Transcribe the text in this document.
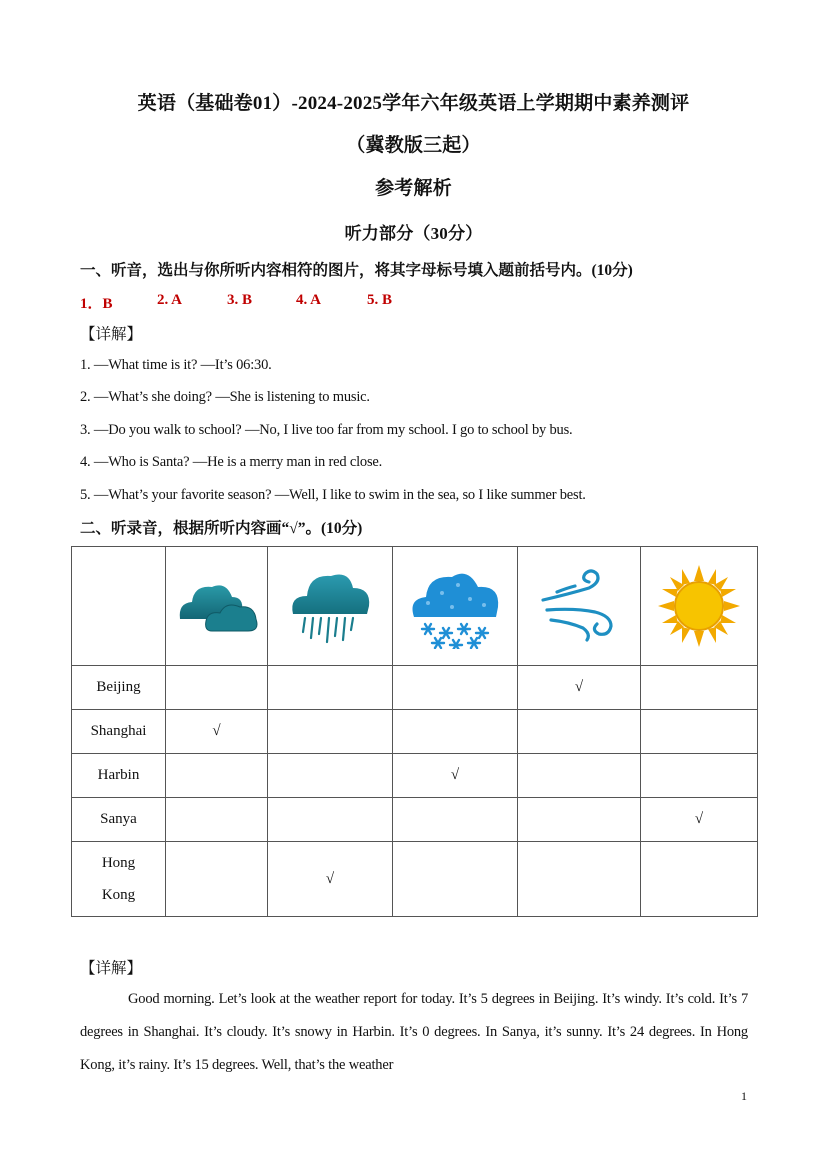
英语（基础卷01）-2024-2025学年六年级英语上学期期中素养测评
（冀教版三起）
参考解析
听力部分（30分）
一、听音，选出与你所听内容相符的图片，将其字母标号填入题前括号内。(10分)
1．B	2. A	3. B	4. A	5. B
【详解】
1. —What time is it? —It’s 06:30.
2. —What’s she doing? —She is listening to music.
3. —Do you walk to school? —No, I live too far from my school. I go to school by bus.
4. —Who is Santa? —He is a merry man in red close.
5. —What’s your favorite season? —Well, I like to swim in the sea, so I like summer best.
二、听录音，根据所听内容画“√”。(10分)

Beijing				√	
Shanghai	√				
Harbin			√		
Sanya					√

Hong
Kong		√			
【详解】
Good morning. Let’s look at the weather report for today. It’s 5 degrees in Beijing. It’s windy. It’s cold. It’s 7 degrees in Shanghai. It’s cloudy. It’s snowy in Harbin. It’s 0 degrees. In Sanya, it’s sunny. It’s 24 degrees. In Hong Kong, it’s rainy. It’s 15 degrees. Well, that’s the weather
1
